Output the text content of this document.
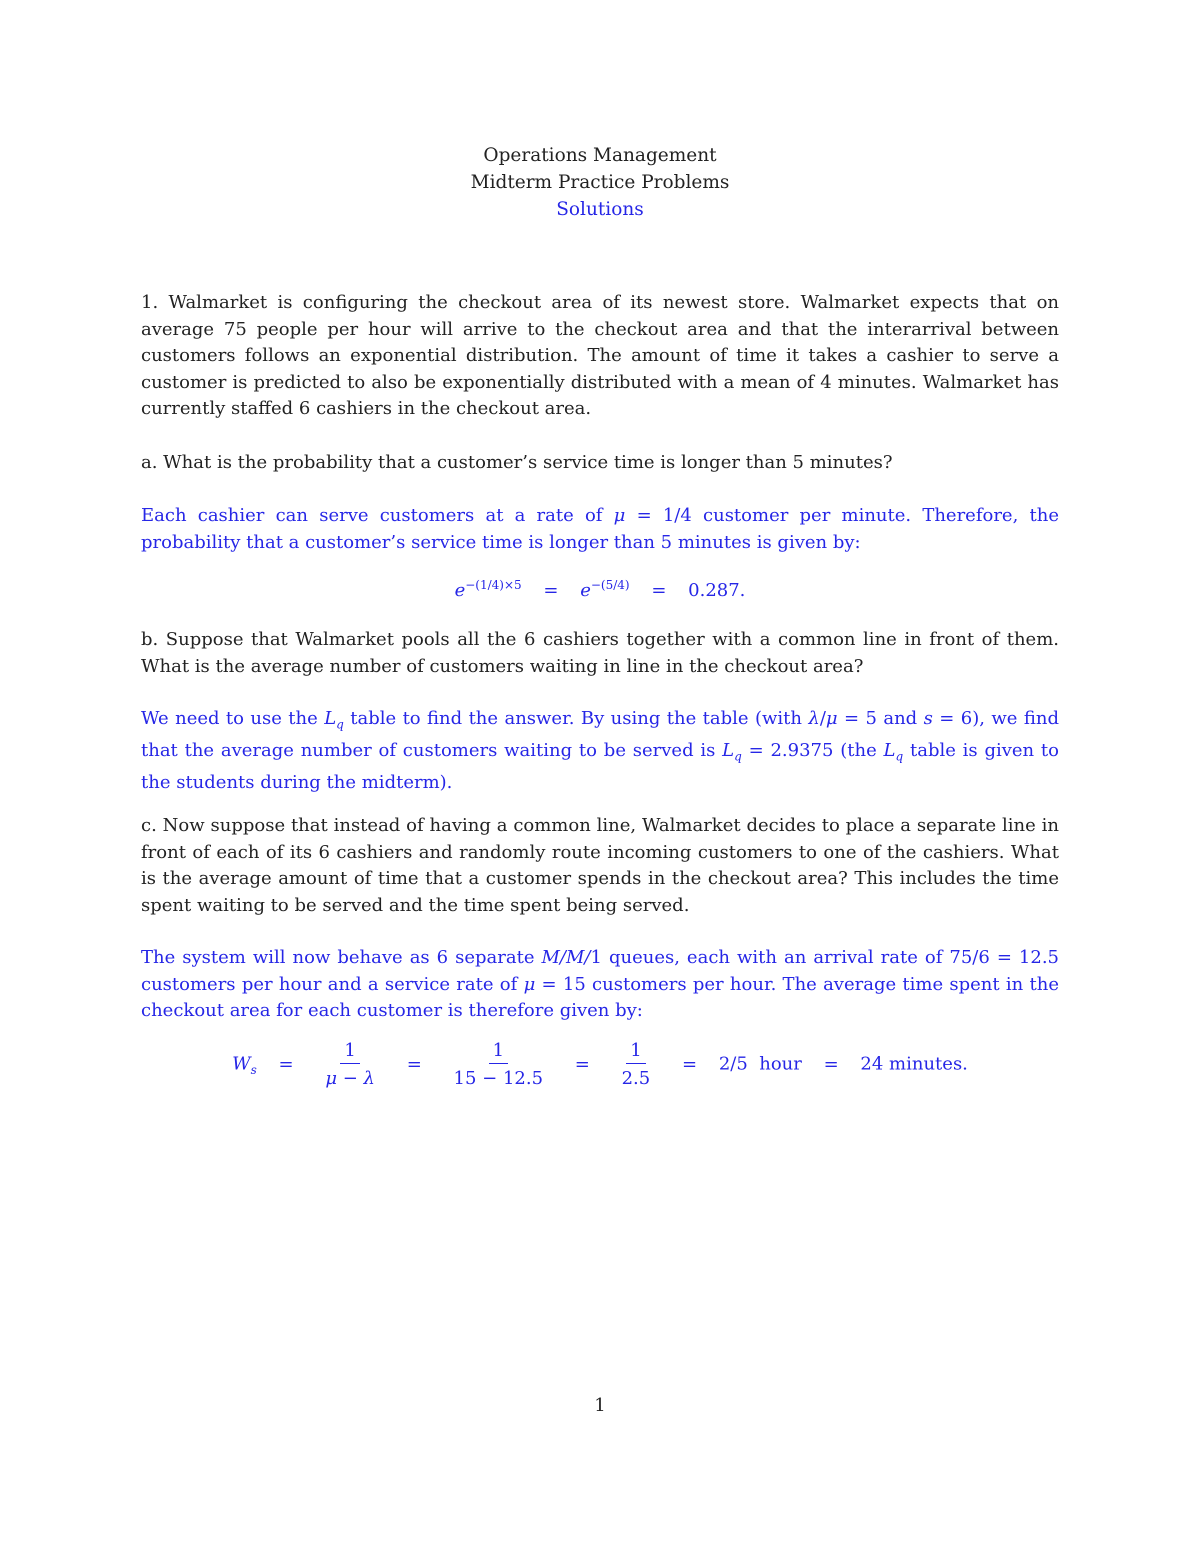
Operations Management
Midterm Practice Problems
Solutions
1. Walmarket is configuring the checkout area of its newest store. Walmarket expects that on average 75 people per hour will arrive to the checkout area and that the interarrival between customers follows an exponential distribution. The amount of time it takes a cashier to serve a customer is predicted to also be exponentially distributed with a mean of 4 minutes. Walmarket has currently staffed 6 cashiers in the checkout area.
a. What is the probability that a customer’s service time is longer than 5 minutes?
Each cashier can serve customers at a rate of μ = 1/4 customer per minute. Therefore, the probability that a customer’s service time is longer than 5 minutes is given by:
$e^{-(1/4)\times 5} = e^{-(5/4)} = 0.287$.
b. Suppose that Walmarket pools all the 6 cashiers together with a common line in front of them. What is the average number of customers waiting in line in the checkout area?
We need to use the $L_q$ table to find the answer. By using the table (with λ/μ = 5 and s = 6), we find that the average number of customers waiting to be served is $L_q = 2.9375$ (the $L_q$ table is given to the students during the midterm).
c. Now suppose that instead of having a common line, Walmarket decides to place a separate line in front of each of its 6 cashiers and randomly route incoming customers to one of the cashiers. What is the average amount of time that a customer spends in the checkout area? This includes the time spent waiting to be served and the time spent being served.
The system will now behave as 6 separate M/M/1 queues, each with an arrival rate of 75/6 = 12.5 customers per hour and a service rate of μ = 15 customers per hour. The average time spent in the checkout area for each customer is therefore given by:
$W_s = \frac{1}{\mu - \lambda} = \frac{1}{15 - 12.5} = \frac{1}{2.5} = 2/5$  hour = 24 minutes.
1
